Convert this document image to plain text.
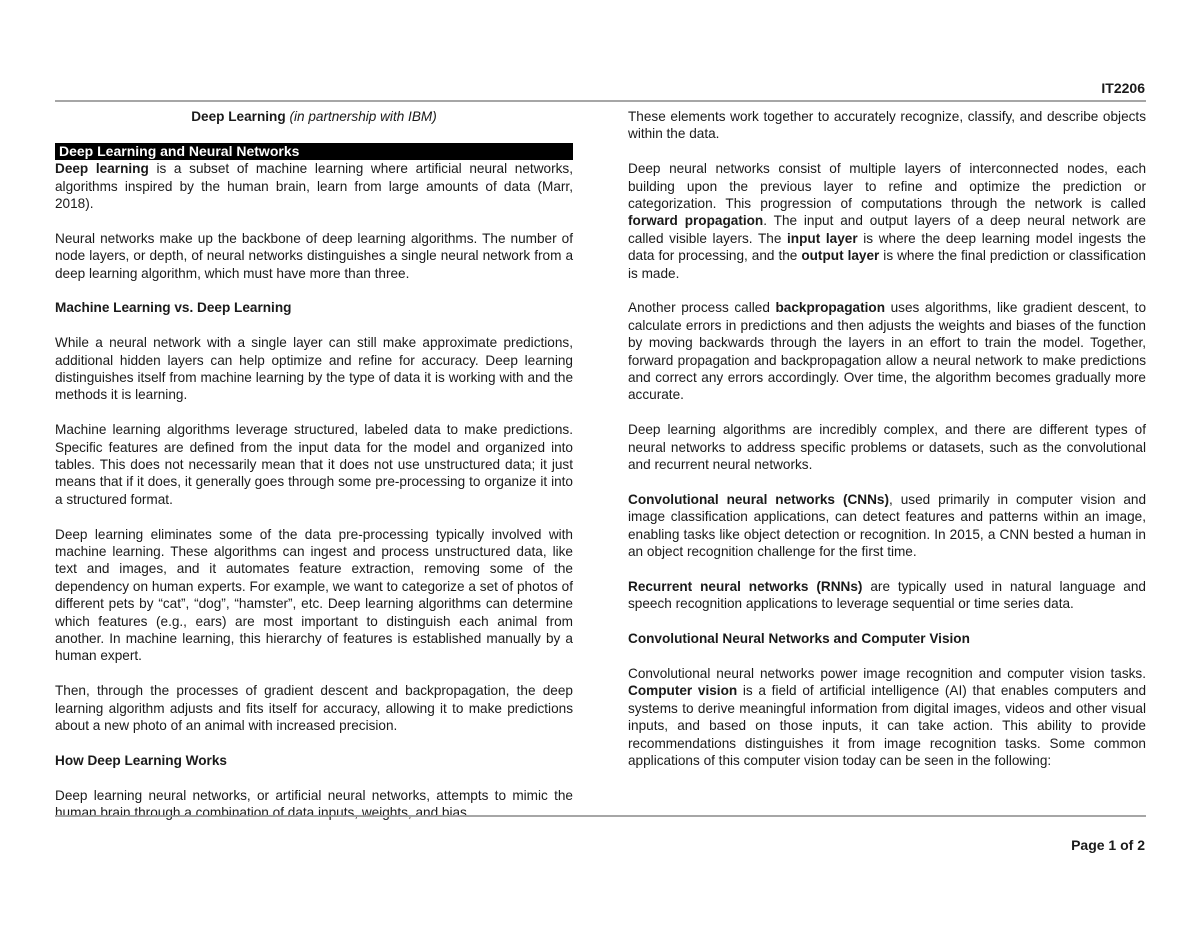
IT2206

Deep Learning (in partnership with IBM)

Deep Learning and Neural Networks

Deep learning is a subset of machine learning where artificial neural networks, algorithms inspired by the human brain, learn from large amounts of data (Marr, 2018).

Neural networks make up the backbone of deep learning algorithms. The number of node layers, or depth, of neural networks distinguishes a single neural network from a deep learning algorithm, which must have more than three.

Machine Learning vs. Deep Learning

While a neural network with a single layer can still make approximate predictions, additional hidden layers can help optimize and refine for accuracy. Deep learning distinguishes itself from machine learning by the type of data it is working with and the methods it is learning.

Machine learning algorithms leverage structured, labeled data to make predictions. Specific features are defined from the input data for the model and organized into tables. This does not necessarily mean that it does not use unstructured data; it just means that if it does, it generally goes through some pre-processing to organize it into a structured format.

Deep learning eliminates some of the data pre-processing typically involved with machine learning. These algorithms can ingest and process unstructured data, like text and images, and it automates feature extraction, removing some of the dependency on human experts. For example, we want to categorize a set of photos of different pets by “cat”, “dog”, “hamster”, etc. Deep learning algorithms can determine which features (e.g., ears) are most important to distinguish each animal from another. In machine learning, this hierarchy of features is established manually by a human expert.

Then, through the processes of gradient descent and backpropagation, the deep learning algorithm adjusts and fits itself for accuracy, allowing it to make predictions about a new photo of an animal with increased precision.

How Deep Learning Works

Deep learning neural networks, or artificial neural networks, attempts to mimic the human brain through a combination of data inputs, weights, and bias.

These elements work together to accurately recognize, classify, and describe objects within the data.

Deep neural networks consist of multiple layers of interconnected nodes, each building upon the previous layer to refine and optimize the prediction or categorization. This progression of computations through the network is called forward propagation. The input and output layers of a deep neural network are called visible layers. The input layer is where the deep learning model ingests the data for processing, and the output layer is where the final prediction or classification is made.

Another process called backpropagation uses algorithms, like gradient descent, to calculate errors in predictions and then adjusts the weights and biases of the function by moving backwards through the layers in an effort to train the model. Together, forward propagation and backpropagation allow a neural network to make predictions and correct any errors accordingly. Over time, the algorithm becomes gradually more accurate.

Deep learning algorithms are incredibly complex, and there are different types of neural networks to address specific problems or datasets, such as the convolutional and recurrent neural networks.

Convolutional neural networks (CNNs), used primarily in computer vision and image classification applications, can detect features and patterns within an image, enabling tasks like object detection or recognition. In 2015, a CNN bested a human in an object recognition challenge for the first time.

Recurrent neural networks (RNNs) are typically used in natural language and speech recognition applications to leverage sequential or time series data.

Convolutional Neural Networks and Computer Vision

Convolutional neural networks power image recognition and computer vision tasks. Computer vision is a field of artificial intelligence (AI) that enables computers and systems to derive meaningful information from digital images, videos and other visual inputs, and based on those inputs, it can take action. This ability to provide recommendations distinguishes it from image recognition tasks. Some common applications of this computer vision today can be seen in the following:

Page 1 of 2
